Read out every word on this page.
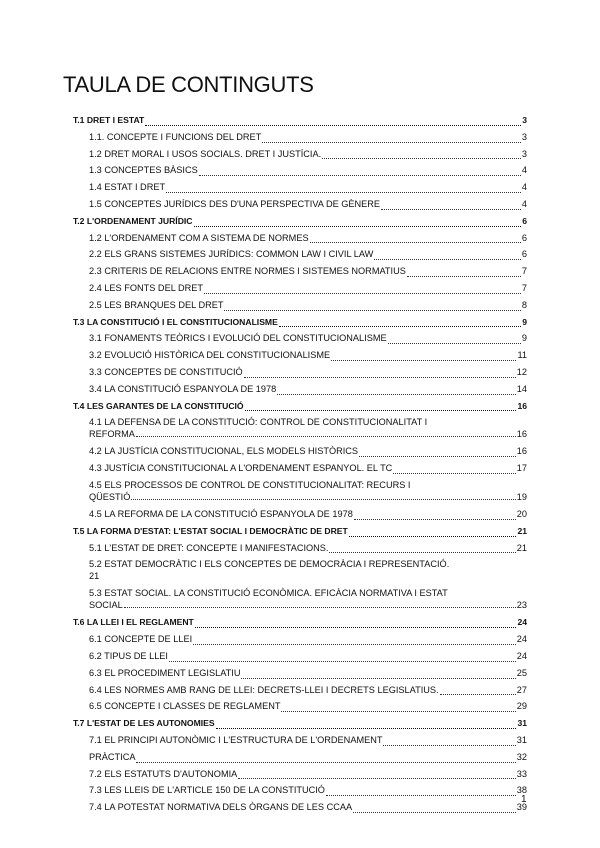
TAULA DE CONTINGUTS
T.1 DRET I ESTAT	3
1.1. CONCEPTE I FUNCIONS DEL DRET	3
1.2 DRET MORAL I USOS SOCIALS. DRET I JUSTÍCIA.	3
1.3 CONCEPTES BÀSICS	4
1.4 ESTAT I DRET	4
1.5 CONCEPTES JURÍDICS DES D'UNA PERSPECTIVA DE GÈNERE	4
T.2 L'ORDENAMENT JURÍDIC	6
1.2 L'ORDENAMENT COM A SISTEMA DE NORMES	6
2.2 ELS GRANS SISTEMES JURÍDICS: COMMON LAW I CIVIL LAW	6
2.3 CRITERIS DE RELACIONS ENTRE NORMES I SISTEMES NORMATIUS	7
2.4 LES FONTS DEL DRET	7
2.5 LES BRANQUES DEL DRET	8
T.3 LA CONSTITUCIÓ I EL CONSTITUCIONALISME	9
3.1 FONAMENTS TEÒRICS I EVOLUCIÓ DEL CONSTITUCIONALISME	9
3.2 EVOLUCIÓ HISTÒRICA DEL CONSTITUCIONALISME	11
3.3 CONCEPTES DE CONSTITUCIÓ	12
3.4 LA CONSTITUCIÓ ESPANYOLA DE 1978	14
T.4 LES GARANTES DE LA CONSTITUCIÓ	16
4.1 LA DEFENSA DE LA CONSTITUCIÓ: CONTROL DE CONSTITUCIONALITAT I
REFORMA	16
4.2 LA JUSTÍCIA CONSTITUCIONAL, ELS MODELS HISTÒRICS	16
4.3 JUSTÍCIA CONSTITUCIONAL A L'ORDENAMENT ESPANYOL. EL TC	17
4.5 ELS PROCESSOS DE CONTROL DE CONSTITUCIONALITAT: RECURS I
QÜESTIÓ	19
4.5 LA REFORMA DE LA CONSTITUCIÓ ESPANYOLA DE 1978	20
T.5 LA FORMA D'ESTAT: L'ESTAT SOCIAL I DEMOCRÀTIC DE DRET	21
5.1 L'ESTAT DE DRET: CONCEPTE I MANIFESTACIONS.	21
5.2 ESTAT DEMOCRÀTIC I ELS CONCEPTES DE DEMOCRÀCIA I REPRESENTACIÓ.
21
5.3 ESTAT SOCIAL. LA CONSTITUCIÓ ECONÒMICA. EFICÀCIA NORMATIVA I ESTAT
SOCIAL	23
T.6 LA LLEI I EL REGLAMENT	24
6.1 CONCEPTE DE LLEI	24
6.2 TIPUS DE LLEI	24
6.3 EL PROCEDIMENT LEGISLATIU	25
6.4 LES NORMES AMB RANG DE LLEI: DECRETS-LLEI I DECRETS LEGISLATIUS.	27
6.5 CONCEPTE I CLASSES DE REGLAMENT	29
T.7 L'ESTAT DE LES AUTONOMIES	31
7.1 EL PRINCIPI AUTONÒMIC I L'ESTRUCTURA DE L'ORDENAMENT	31
PRÀCTICA	32
7.2 ELS ESTATUTS D'AUTONOMIA	33
7.3 LES LLEIS DE L'ARTICLE 150 DE LA CONSTITUCIÓ	38
7.4 LA POTESTAT NORMATIVA DELS ÒRGANS DE LES CCAA	39
1
